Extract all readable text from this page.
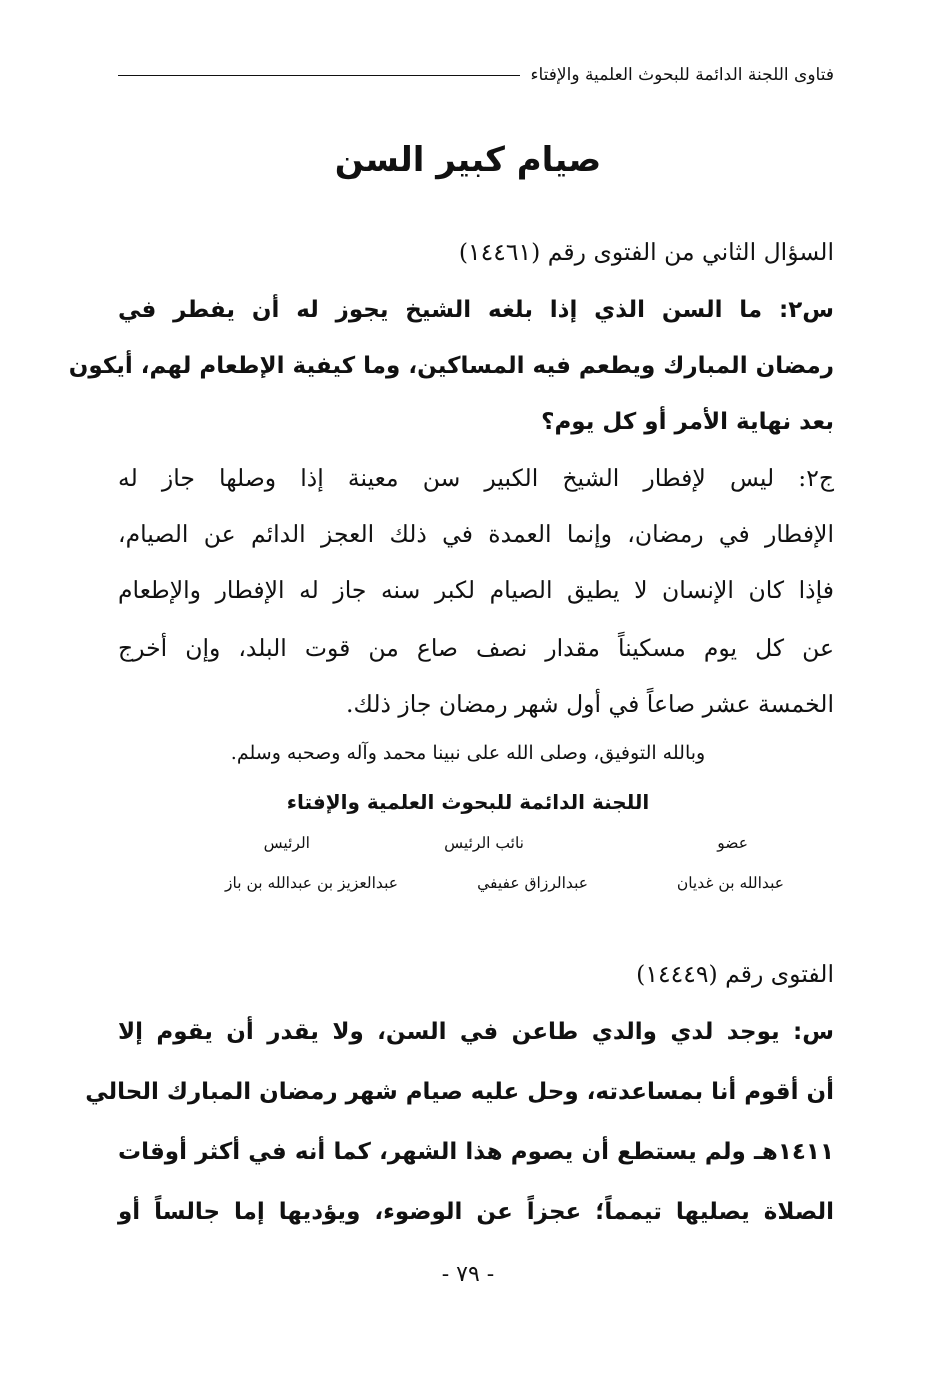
فتاوى اللجنة الدائمة للبحوث العلمية والإفتاء
صيام كبير السن
السؤال الثاني من الفتوى رقم (١٤٤٦١)
س٢: ما السن الذي إذا بلغه الشيخ يجوز له أن يفطر في
رمضان المبارك ويطعم فيه المساكين، وما كيفية الإطعام لهم، أيكون
بعد نهاية الأمر أو كل يوم؟
ج٢: ليس لإفطار الشيخ الكبير سن معينة إذا وصلها جاز له
الإفطار في رمضان، وإنما العمدة في ذلك العجز الدائم عن الصيام،
فإذا كان الإنسان لا يطيق الصيام لكبر سنه جاز له الإفطار والإطعام
عن كل يوم مسكيناً مقدار نصف صاع من قوت البلد، وإن أخرج
الخمسة عشر صاعاً في أول شهر رمضان جاز ذلك.
وبالله التوفيق، وصلى الله على نبينا محمد وآله وصحبه وسلم.
اللجنة الدائمة للبحوث العلمية والإفتاء
عضو
نائب الرئيس
الرئيس
عبدالله بن غديان
عبدالرزاق عفيفي
عبدالعزيز بن عبدالله بن باز
الفتوى رقم (١٤٤٤٩)
س: يوجد لدي والدي طاعن في السن، ولا يقدر أن يقوم إلا
أن أقوم أنا بمساعدته، وحل عليه صيام شهر رمضان المبارك الحالي
١٤١١هـ ولم يستطع أن يصوم هذا الشهر، كما أنه في أكثر أوقات
الصلاة يصليها تيمماً؛ عجزاً عن الوضوء، ويؤديها إما جالساً أو
- ٧٩ -
